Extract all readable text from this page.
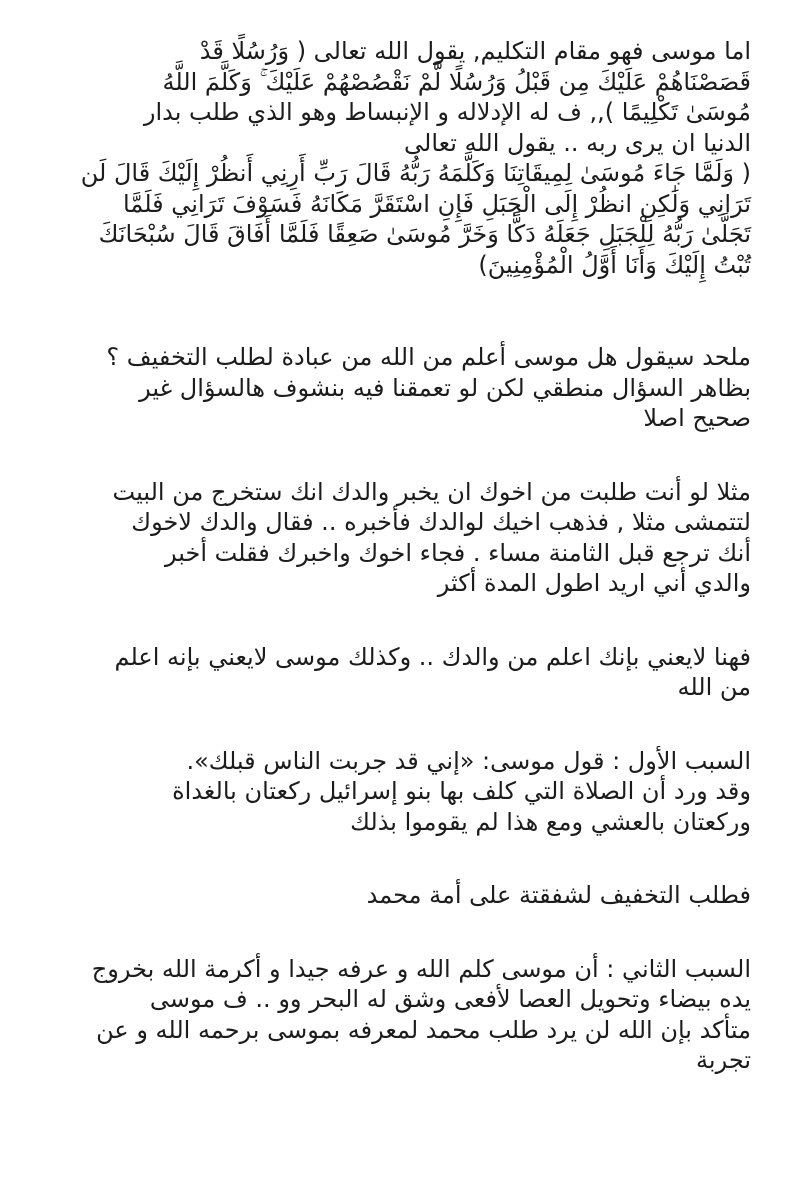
اما موسى فهو مقام التكليم, يقول الله تعالى ( وَرُسُلًا قَدْ
قَصَصْنَاهُمْ عَلَيْكَ مِن قَبْلُ وَرُسُلًا لَّمْ نَقْصُصْهُمْ عَلَيْكَ ۚ وَكَلَّمَ اللَّهُ
مُوسَىٰ تَكْلِيمًا ),, ف له الإدلاله و الإنبساط وهو الذي طلب بدار
الدنيا ان يرى ربه .. يقول الله تعالى
( وَلَمَّا جَاءَ مُوسَىٰ لِمِيقَاتِنَا وَكَلَّمَهُ رَبُّهُ قَالَ رَبِّ أَرِنِي أَنظُرْ إِلَيْكَ قَالَ لَن
تَرَانِي وَلَٰكِنِ انظُرْ إِلَى الْجَبَلِ فَإِنِ اسْتَقَرَّ مَكَانَهُ فَسَوْفَ تَرَانِي فَلَمَّا
تَجَلَّىٰ رَبُّهُ لِلْجَبَلِ جَعَلَهُ دَكًّا وَخَرَّ مُوسَىٰ صَعِقًا فَلَمَّا أَفَاقَ قَالَ سُبْحَانَكَ
تُبْتُ إِلَيْكَ وَأَنَا أَوَّلُ الْمُؤْمِنِينَ)

ملحد سيقول هل موسى أعلم من الله من عبادة لطلب التخفيف ؟
بظاهر السؤال منطقي لكن لو تعمقنا فيه بنشوف هالسؤال غير
صحيح اصلا

مثلا لو أنت طلبت من اخوك ان يخبر والدك انك ستخرج من البيت
لتتمشى مثلا , فذهب اخيك لوالدك فأخبره .. فقال والدك لاخوك
أنك ترجع قبل الثامنة مساء . فجاء اخوك واخبرك فقلت أخبر
والدي أني اريد اطول المدة أكثر

فهنا لايعني بإنك اعلم من والدك .. وكذلك موسى لايعني بإنه اعلم
من الله

السبب الأول : قول موسى: «إني قد جربت الناس قبلك».
وقد ورد أن الصلاة التي كلف بها بنو إسرائيل ركعتان بالغداة
وركعتان بالعشي ومع هذا لم يقوموا بذلك

فطلب التخفيف لشفقتة على أمة محمد

السبب الثاني : أن موسى كلم الله و عرفه جيدا و أكرمة الله بخروج
يده بيضاء وتحويل العصا لأفعى وشق له البحر وو .. ف موسى
متأكد بإن الله لن يرد طلب محمد لمعرفه بموسى برحمه الله و عن
تجربة
